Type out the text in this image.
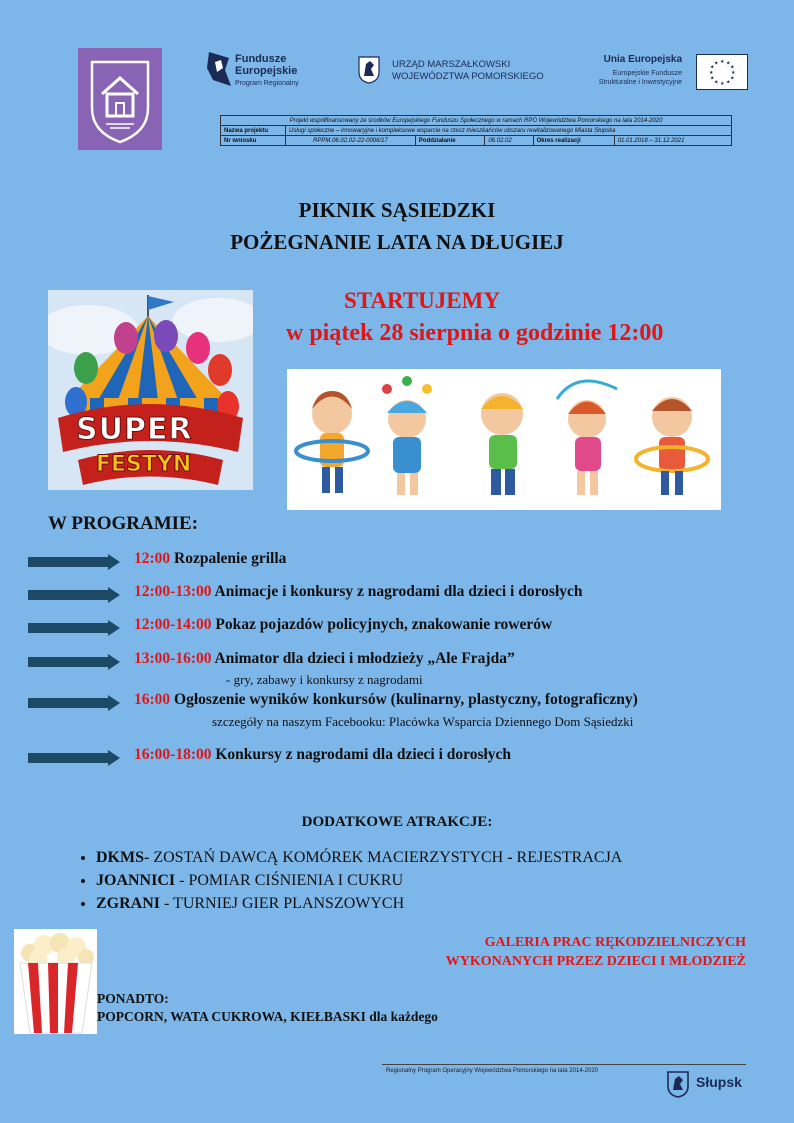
Fundusze
Europejskie
Program Regionalny
URZĄD MARSZAŁKOWSKI
WOJEWÓDZTWA POMORSKIEGO
Unia Europejska
Europejskie Fundusze
Strukturalne i Inwestycyjne
★ ★
★
★
★
★
★
★
★
★
★
★
Projekt współfinansowany ze środków Europejskiego Funduszu Społecznego w ramach RPO Województwa Pomorskiego na lata 2014-2020					
Nazwa projektu	Usługi społeczne – innowacyjne i kompleksowe wsparcie na rzecz mieszkańców obszaru rewitalizowanego Miasta Słupska				
Nr wniosku	RPPM.06.02.02-22-0006/17	Poddziałanie	06.02.02	Okres realizacji	01.01.2018 – 31.12.2021
PIKNIK SĄSIEDZKI
POŻEGNANIE LATA NA DŁUGIEJ
SUPER
FESTYN
STARTUJEMY
w piątek 28 sierpnia o godzinie 12:00
W PROGRAMIE:
12:00 Rozpalenie grilla
12:00-13:00 Animacje i konkursy z nagrodami dla dzieci i dorosłych
12:00-14:00 Pokaz pojazdów policyjnych, znakowanie rowerów
13:00-16:00 Animator dla dzieci i młodzieży „Ale Frajda”
- gry, zabawy i konkursy z nagrodami
16:00 Ogłoszenie wyników konkursów (kulinarny, plastyczny, fotograficzny)
szczegóły na naszym Facebooku: Placówka Wsparcia Dziennego Dom Sąsiedzki
16:00-18:00 Konkursy z nagrodami dla dzieci i dorosłych
DODATKOWE ATRAKCJE:
• DKMS- ZOSTAŃ DAWCĄ KOMÓREK MACIERZYSTYCH - REJESTRACJA
• JOANNICI - POMIAR CIŚNIENIA I CUKRU
• ZGRANI - TURNIEJ GIER PLANSZOWYCH
GALERIA PRAC RĘKODZIELNICZYCH
WYKONANYCH PRZEZ DZIECI I MŁODZIEŻ
PONADTO:
POPCORN, WATA CUKROWA, KIEŁBASKI dla każdego
Regionalny Program Operacyjny Województwa Pomorskiego na lata 2014-2020
Słupsk
